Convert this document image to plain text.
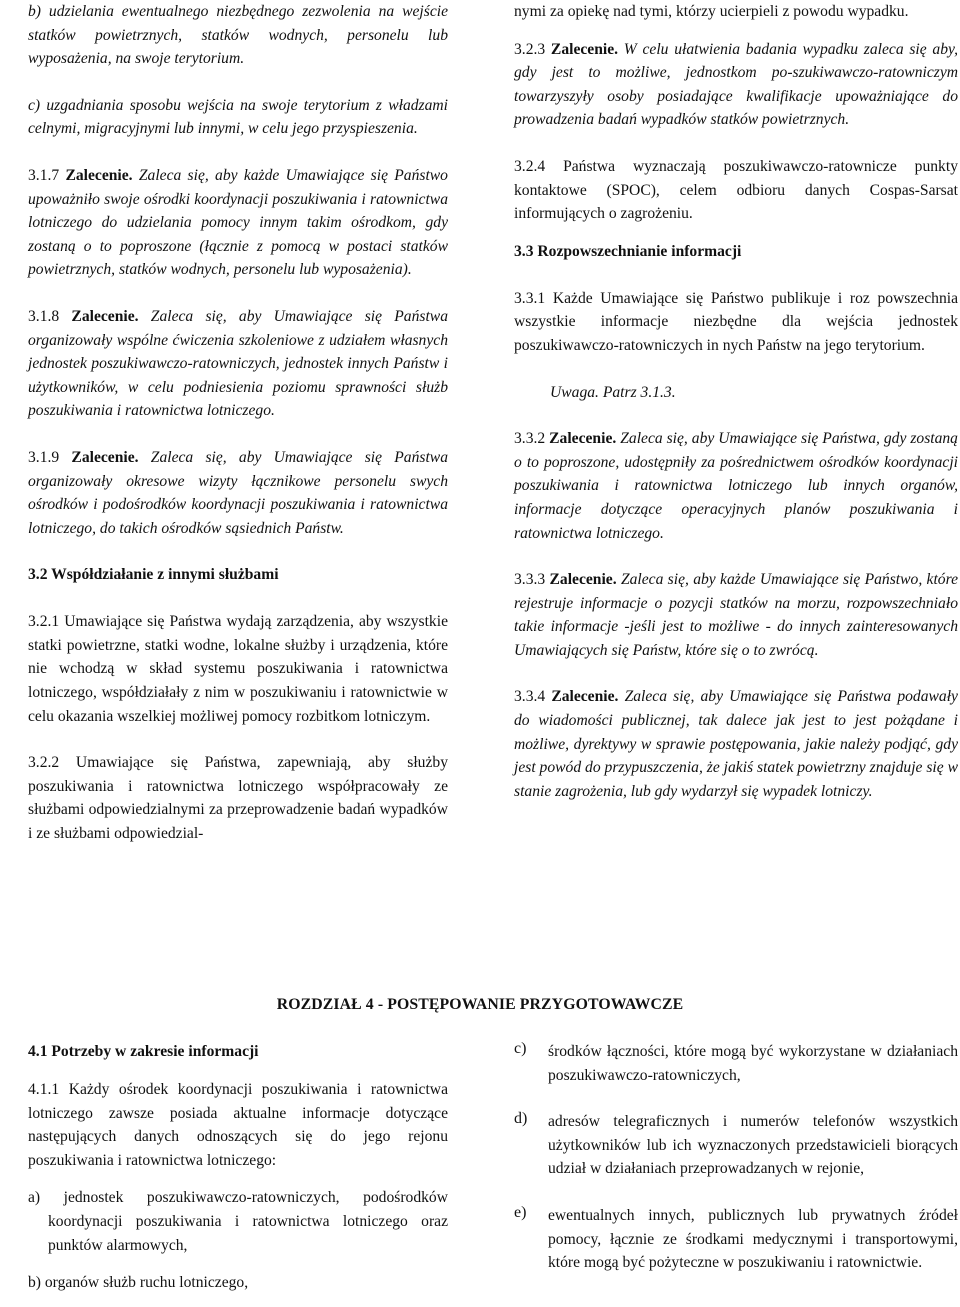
b) udzielania ewentualnego niezbędnego zezwolenia na wejście statków powietrznych, statków wodnych, personelu lub wyposażenia, na swoje terytorium.

c) uzgadniania sposobu wejścia na swoje terytorium z władzami celnymi, migracyjnymi lub innymi, w celu jego przyspieszenia.

3.1.7 Zalecenie. Zaleca się, aby każde Umawiające się Państwo upoważniło swoje ośrodki koordynacji poszukiwania i ratownictwa lotniczego do udzielania pomocy innym takim ośrodkom, gdy zostaną o to poproszone (łącznie z pomocą w postaci statków powietrznych, statków wodnych, personelu lub wyposażenia).

3.1.8 Zalecenie. Zaleca się, aby Umawiające się Państwa organizowały wspólne ćwiczenia szkoleniowe z udziałem własnych jednostek poszukiwawczo-ratowniczych, jednostek innych Państw i użytkowników, w celu podniesienia poziomu sprawności służb poszukiwania i ratownictwa lotniczego.

3.1.9 Zalecenie. Zaleca się, aby Umawiające się Państwa organizowały okresowe wizyty łącznikowe personelu swych ośrodków i podośrodków koordynacji poszukiwania i ratownictwa lotniczego, do takich ośrodków sąsiednich Państw.

3.2 Współdziałanie z innymi służbami

3.2.1 Umawiające się Państwa wydają zarządzenia, aby wszystkie statki powietrzne, statki wodne, lokalne służby i urządzenia, które nie wchodzą w skład systemu poszukiwania i ratownictwa lotniczego, współdziałały z nim w poszukiwaniu i ratownictwie w celu okazania wszelkiej możliwej pomocy rozbitkom lotniczym.

3.2.2 Umawiające się Państwa, zapewniają, aby służby poszukiwania i ratownictwa lotniczego współpracowały ze służbami odpowiedzialnymi za przeprowadzenie badań wypadków i ze służbami odpowiedzial-

nymi za opiekę nad tymi, którzy ucierpieli z powodu wypadku.

3.2.3 Zalecenie. W celu ułatwienia badania wypadku zaleca się aby, gdy jest to możliwe, jednostkom po-szukiwawczo-ratowniczym towarzyszyły osoby posiadające kwalifikacje upoważniające do prowadzenia badań wypadków statków powietrznych.

3.2.4 Państwa wyznaczają poszukiwawczo-ratownicze punkty kontaktowe (SPOC), celem odbioru danych Cospas-Sarsat informujących o zagrożeniu.

3.3 Rozpowszechnianie informacji

3.3.1 Każde Umawiające się Państwo publikuje i roz powszechnia wszystkie informacje niezbędne dla wejścia jednostek poszukiwawczo-ratowniczych in nych Państw na jego terytorium.

Uwaga. Patrz 3.1.3.

3.3.2 Zalecenie. Zaleca się, aby Umawiające się Państwa, gdy zostaną o to poproszone, udostępniły za pośrednictwem ośrodków koordynacji poszukiwania i ratownictwa lotniczego lub innych organów, informacje dotyczące operacyjnych planów poszukiwania i ratownictwa lotniczego.

3.3.3 Zalecenie. Zaleca się, aby każde Umawiające się Państwo, które rejestruje informacje o pozycji statków na morzu, rozpowszechniało takie informacje -jeśli jest to możliwe - do innych zainteresowanych Umawiających się Państw, które się o to zwrócą.

3.3.4 Zalecenie. Zaleca się, aby Umawiające się Państwa podawały do wiadomości publicznej, tak dalece jak jest to jest pożądane i możliwe, dyrektywy w sprawie postępowania, jakie należy podjąć, gdy jest powód do przypuszczenia, że jakiś statek powietrzny znajduje się w stanie zagrożenia, lub gdy wydarzył się wypadek lotniczy.

ROZDZIAŁ 4 - POSTĘPOWANIE PRZYGOTOWAWCZE
4.1 Potrzeby w zakresie informacji

4.1.1 Każdy ośrodek koordynacji poszukiwania i ratownictwa lotniczego zawsze posiada aktualne informacje dotyczące następujących danych odnoszących się do jego rejonu poszukiwania i ratownictwa lotniczego:

a) jednostek poszukiwawczo-ratowniczych, podośrodków koordynacji poszukiwania i ratownictwa lotniczego oraz punktów alarmowych,

b) organów służb ruchu lotniczego,

c)	środków łączności, które mogą być wykorzystane w działaniach poszukiwawczo-ratowniczych,

d)	adresów telegraficznych i numerów telefonów wszystkich użytkowników lub ich wyznaczonych przedstawicieli biorących udział w działaniach przeprowadzanych w rejonie,

e)	ewentualnych innych, publicznych lub prywatnych źródeł pomocy, łącznie ze środkami medycznymi i transportowymi, które mogą być pożyteczne w poszukiwaniu i ratownictwie.
